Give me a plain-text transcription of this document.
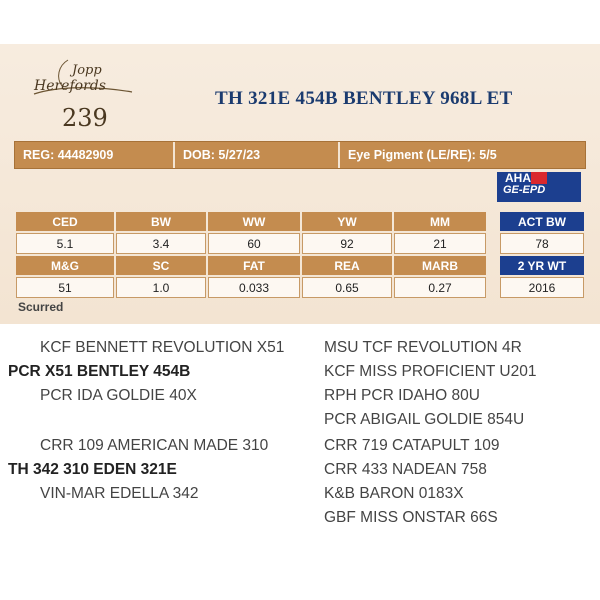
Jopp
Herefords
239
TH 321E 454B BENTLEY 968L ET
REG: 44482909	DOB: 5/27/23	Eye Pigment (LE/RE): 5/5
AHA
GE-EPD
CED	BW	WW	YW	MM
5.1	3.4	60	92	21
M&G	SC	FAT	REA	MARB
51	1.0	0.033	0.65	0.27
ACT BW
78
2 YR WT
2016
Scurred
KCF BENNETT REVOLUTION X51
PCR X51 BENTLEY 454B
PCR IDA GOLDIE 40X
CRR 109 AMERICAN MADE 310
TH 342 310 EDEN 321E
VIN-MAR EDELLA 342
MSU TCF REVOLUTION 4R
KCF MISS PROFICIENT U201
RPH PCR IDAHO 80U
PCR ABIGAIL GOLDIE 854U
CRR 719 CATAPULT 109
CRR 433 NADEAN 758
K&B BARON 0183X
GBF MISS ONSTAR 66S
